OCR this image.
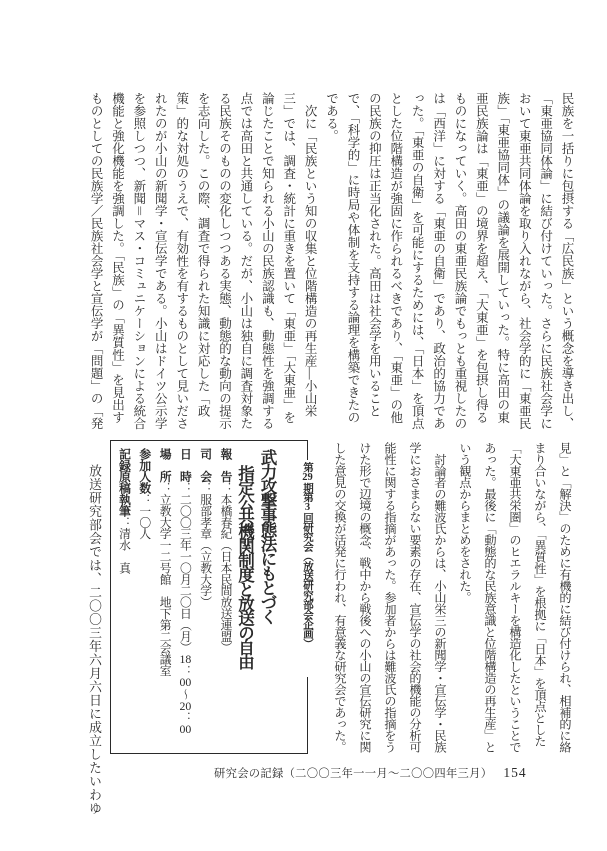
民族を一括りに包摂する「広民族」という概念を導き出し、
「東亜協同体論」に結び付けていった。さらに民族社会学に
おいて東亜共同体論を取り入れながら、社会学的に「東亜民
族」「東亜協同体」の議論を展開していった。特に高田の東
亜民族論は「東亜」の境界を超え、「大東亜」を包摂し得る
ものになっていく。高田の東亜民族論でもっとも重視したの
は「西洋」に対する「東亜の自衛」であり、政治的協力であ
った。「東亜の自衛」を可能にするためには、「日本」を頂点
とした位階構造が強固に作られるべきであり、「東亜」の他
の民族の抑圧は正当化された。高田は社会学を用いること
で、「科学的」に時局や体制を支持する論理を構築できたの
である。
　次に「民族という知の収集と位階構造の再生産―小山栄
三」では、調査・統計に重きを置いて「東亜」「大東亜」を
論じたことで知られる小山の民族認識も、動態性を強調する
点では高田と共通している。だが、小山は独自に調査対象た
る民族そのものの変化しつつある実態、動態的な動向の提示
を志向した。この際、調査で得られた知識に対応した「政
策」的な対処のうえで、有効性を有するものとして見いださ
れたのが小山の新聞学・宣伝学である。小山はドイツ公示学
を参照しつつ、新聞＝マス・コミュニケーションによる統合
機能と強化機能を強調した。「民族」の「異質性」を見出す
ものとしての民族学／民族社会学と宣伝学が「問題」の「発
見」と「解決」のために有機的に結び付けられ、相補的に絡
まり合いながら、「異質性」を根拠に「日本」を頂点とした
「大東亜共栄圏」のヒエラルキーを構造化したということで
あった。最後に「動態的な民族意識と位階構造の再生産」と
いう観点からまとめをされた。
　討論者の難波氏からは、小山栄三の新聞学・宣伝学・民族
学におさまらない要素の存在、宣伝学の社会的機能の分析可
能性に関する指摘があった。参加者からは難波氏の指摘をう
けた形で辺境の概念、戦中から戦後への小山の宣伝研究に関
した意見の交換が活発に行われ、有意義な研究会であった。
第29期第3回研究会（放送研究部会企画）
武力攻撃事態法にもとづく
指定公共機関制度と放送の自由
報　告：本橋春紀（日本民間放送連盟）
司　会：服部孝章（立教大学）
日　時：二〇〇三年一〇月二〇日（月）18：00～20：00
場　所：立教大学一二号館　地下第二会議室
参加人数：一〇人
記録原稿執筆：清水　真
放送研究部会では、二〇〇三年六月六日に成立したいわゆ	研究会の記録（二〇〇三年一一月～二〇〇四年三月） 154
